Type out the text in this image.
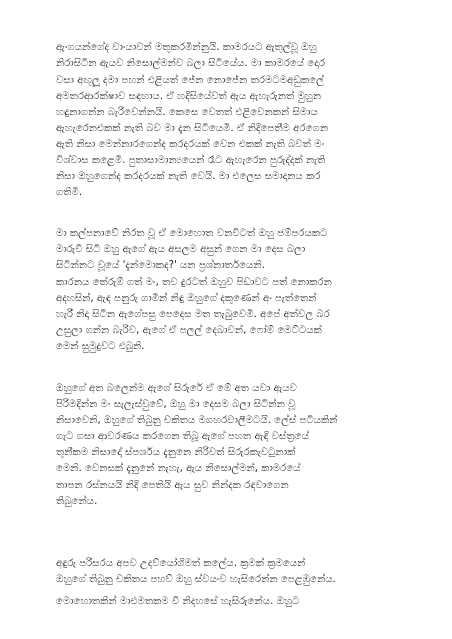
ඇංගයන්ගේද වාංයාවන් මතුකරමින්නුයි. කාමරයට ඇතුල්වූ ඔහු

නිරාසිටින ඇයව නිසොල්මන්ව බලා සිටියේය. මා කාමරයේ දොර

වසා අඟුලූ දමා පහන් එළියත් ජේන නොජේන තරමටමඅඩුකලේ

අමතරආරක්ෂාව සඳහාය. ඒ හදිසියේවත් ඇය ඇහැරුනත් මුහුන

හඳුනාගන්න බැරිවෙන්නයි. කෙසෙ වෙතත් එළිවෙනකන් සිමාය

ඇහැරෙනඑකක් නැති බව මා දැන සිටියෙමි. ඒ නිදිපෙතීම අරගෙන

ඇති නිසා මෙන්නාරගෙන්ද කරදරයක් වෙන එකක් නැති බවත් මං

විශ්වාස කළෙමි. පුතාසාමාන්‍යයෙන් රෑට ඇහැරෙන පුරුද්දක් නැති

නිසා ඔහුගෙන්ද කරදරයක් නැති වෙයි. මා එලෙස සමාදානය කර

ගතිමි.

මා කල්පනාවේ නිරත වූ ඒ මොහොත වනවිටත් ඔහු ජම්පරයකට

මාරුවී සිටි ඔහු ඇගේ ඇය අසලම අසුන් ගෙන මා දෙස බලා

සිටින්නට වූයේ 'දැන්මොකද?' යන ප්‍රශ්නාර්තයෙනි.

කාරනය තේරුම් ගත් මං, තව දුරටත් ඔහුව පිඩාවට පත් නොකරන

අදහසින්, ඇඳ පනුරු ගාමින් නිඳු ඔහුගේ දකුණෙන් අං පැත්තෙන්

හැරී නිදා සිටින ඇගේපසු පෙදෙස මත තැබුවෙමි. අපේ අත්වල බර

උසුලා ගන්න බැරිව, ඇගේ ඒ පලල් දෙබාවන්, ෆෝම් මෙට්ටයක්

මෙන් සුමුදුවට එබුනි.

ඔහුගේ අත බලෙන්ම ඇගේ සිරුරේ ඒ මේ අත යවා ඇයව

පිරිමදින්න මං සැලැස්වුවේ, ඔහු මා දෙසම බලා සිටින්න වූ

නිසාවෙනි, ඔහුගේ තිබුනු චකිතය මගහරවාලීමටයි. ලේස් පටියකින්

ගැට ගසා ආවරණය කරගෙන තිබූ ඇගේ පහත ඇඳි වස්ත්‍රයේ

තුනීකම නිසාදෝ ස්පර්ශය දැනුනෙ නිරිවත් සිරුරකැවටුනාක්

මෙනි. වෙනසක් දැනුනේ නැහැ, ඇය නිසොල්මන්, කාමරයේ

තාපන රස්නයයි නිදි පෙතියි ඇය සුව නින්දක රඳවාගෙන

තිබුනේය.

අඳුරු පරිසරය අපව උදව්යෝගිමත් කලේය. ක්‍රමක් ක්‍රමයෙන්

ඔහුගේ තිබුනු චකිතය පහව් ඔහු ස්වයංව හැසිරෙන්න පෙළඹුනේය.

මොහොතකින් මාඑමතකම වී නිදහසේ හැසිරුනේය. ඔහුට
